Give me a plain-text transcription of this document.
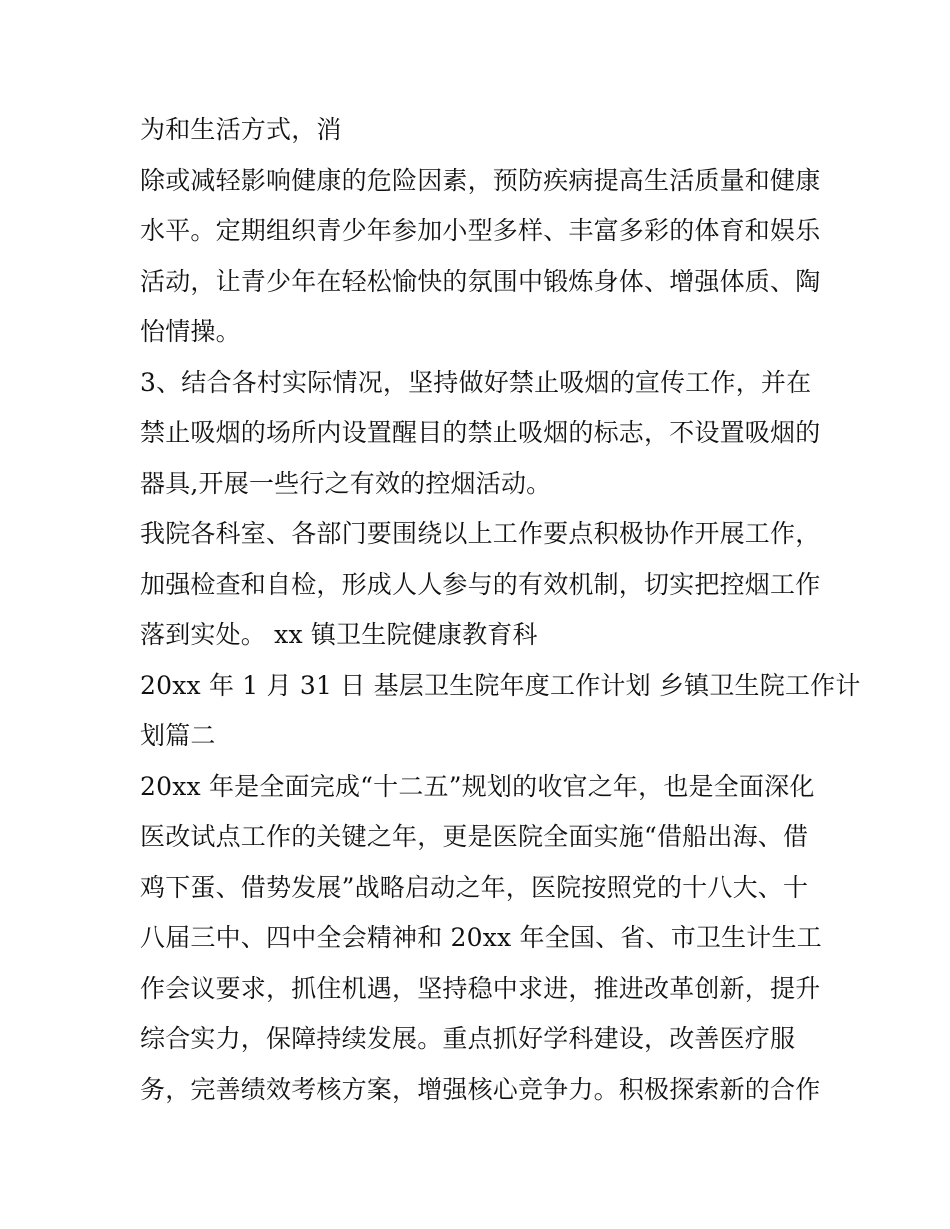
为和生活方式，消
除或减轻影响健康的危险因素，预防疾病提高生活质量和健康
水平。定期组织青少年参加小型多样、丰富多彩的体育和娱乐
活动，让青少年在轻松愉快的氛围中锻炼身体、增强体质、陶
怡情操。
3、结合各村实际情况，坚持做好禁止吸烟的宣传工作，并在
禁止吸烟的场所内设置醒目的禁止吸烟的标志，不设置吸烟的
器具,开展一些行之有效的控烟活动。
我院各科室、各部门要围绕以上工作要点积极协作开展工作，
加强检查和自检，形成人人参与的有效机制，切实把控烟工作
落到实处。 xx 镇卫生院健康教育科
20xx 年 1 月 31 日 基层卫生院年度工作计划 乡镇卫生院工作计
划篇二
20xx 年是全面完成“十二五”规划的收官之年，也是全面深化
医改试点工作的关键之年，更是医院全面实施“借船出海、借
鸡下蛋、借势发展”战略启动之年，医院按照党的十八大、十
八届三中、四中全会精神和 20xx 年全国、省、市卫生计生工
作会议要求，抓住机遇，坚持稳中求进，推进改革创新，提升
综合实力，保障持续发展。重点抓好学科建设，改善医疗服
务，完善绩效考核方案，增强核心竞争力。积极探索新的合作
